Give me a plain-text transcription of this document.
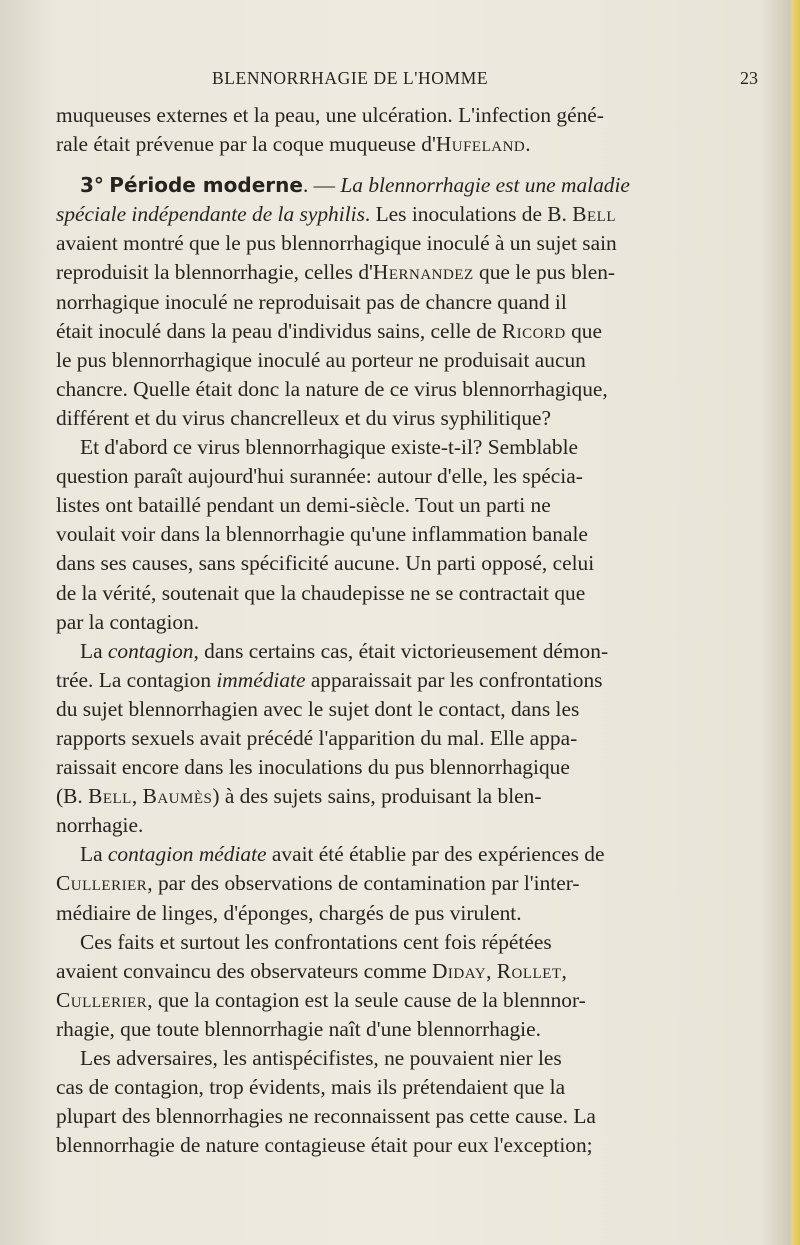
BLENNORRHAGIE DE L'HOMME	23
muqueuses externes et la peau, une ulcération. L'infection géné-
rale était prévenue par la coque muqueuse d'Hufeland.
3° Période moderne. — La blennorrhagie est une maladie
spéciale indépendante de la syphilis. Les inoculations de B. Bell
avaient montré que le pus blennorrhagique inoculé à un sujet sain
reproduisit la blennorrhagie, celles d'Hernandez que le pus blen-
norrhagique inoculé ne reproduisait pas de chancre quand il
était inoculé dans la peau d'individus sains, celle de Ricord que
le pus blennorrhagique inoculé au porteur ne produisait aucun
chancre. Quelle était donc la nature de ce virus blennorrhagique,
différent et du virus chancrelleux et du virus syphilitique?
Et d'abord ce virus blennorrhagique existe-t-il? Semblable
question paraît aujourd'hui surannée: autour d'elle, les spécia-
listes ont bataillé pendant un demi-siècle. Tout un parti ne
voulait voir dans la blennorrhagie qu'une inflammation banale
dans ses causes, sans spécificité aucune. Un parti opposé, celui
de la vérité, soutenait que la chaudepisse ne se contractait que
par la contagion.
La contagion, dans certains cas, était victorieusement démon-
trée. La contagion immédiate apparaissait par les confrontations
du sujet blennorrhagien avec le sujet dont le contact, dans les
rapports sexuels avait précédé l'apparition du mal. Elle appa-
raissait encore dans les inoculations du pus blennorrhagique
(B. Bell, Baumès) à des sujets sains, produisant la blen-
norrhagie.
La contagion médiate avait été établie par des expériences de
Cullerier, par des observations de contamination par l'inter-
médiaire de linges, d'éponges, chargés de pus virulent.
Ces faits et surtout les confrontations cent fois répétées
avaient convaincu des observateurs comme Diday, Rollet,
Cullerier, que la contagion est la seule cause de la blennnor-
rhagie, que toute blennorrhagie naît d'une blennorrhagie.
Les adversaires, les antispécifistes, ne pouvaient nier les
cas de contagion, trop évidents, mais ils prétendaient que la
plupart des blennorrhagies ne reconnaissent pas cette cause. La
blennorrhagie de nature contagieuse était pour eux l'exception;
